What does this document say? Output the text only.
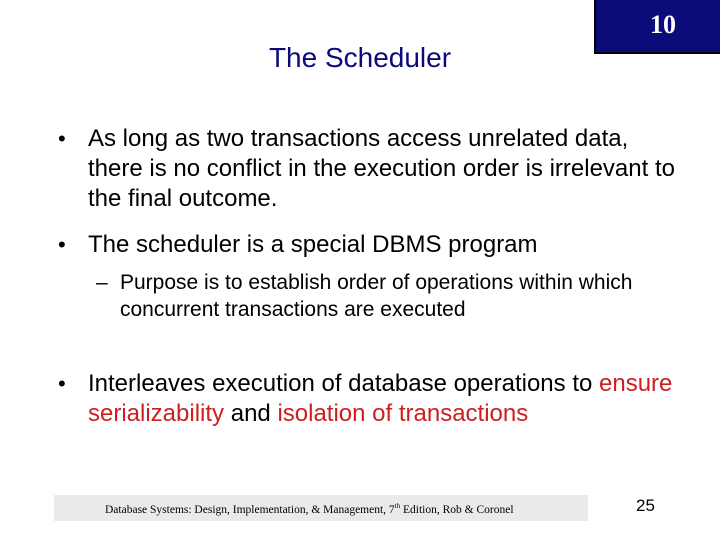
10
The Scheduler
• As long as two transactions access unrelated data, there is no conflict in the execution order is irrelevant to the final outcome.
• The scheduler is a special DBMS program
– Purpose is to establish order of operations within which concurrent transactions are executed
• Interleaves execution of database operations to ensure serializability and isolation of transactions
Database Systems: Design, Implementation, & Management, 7th Edition, Rob & Coronel	25
